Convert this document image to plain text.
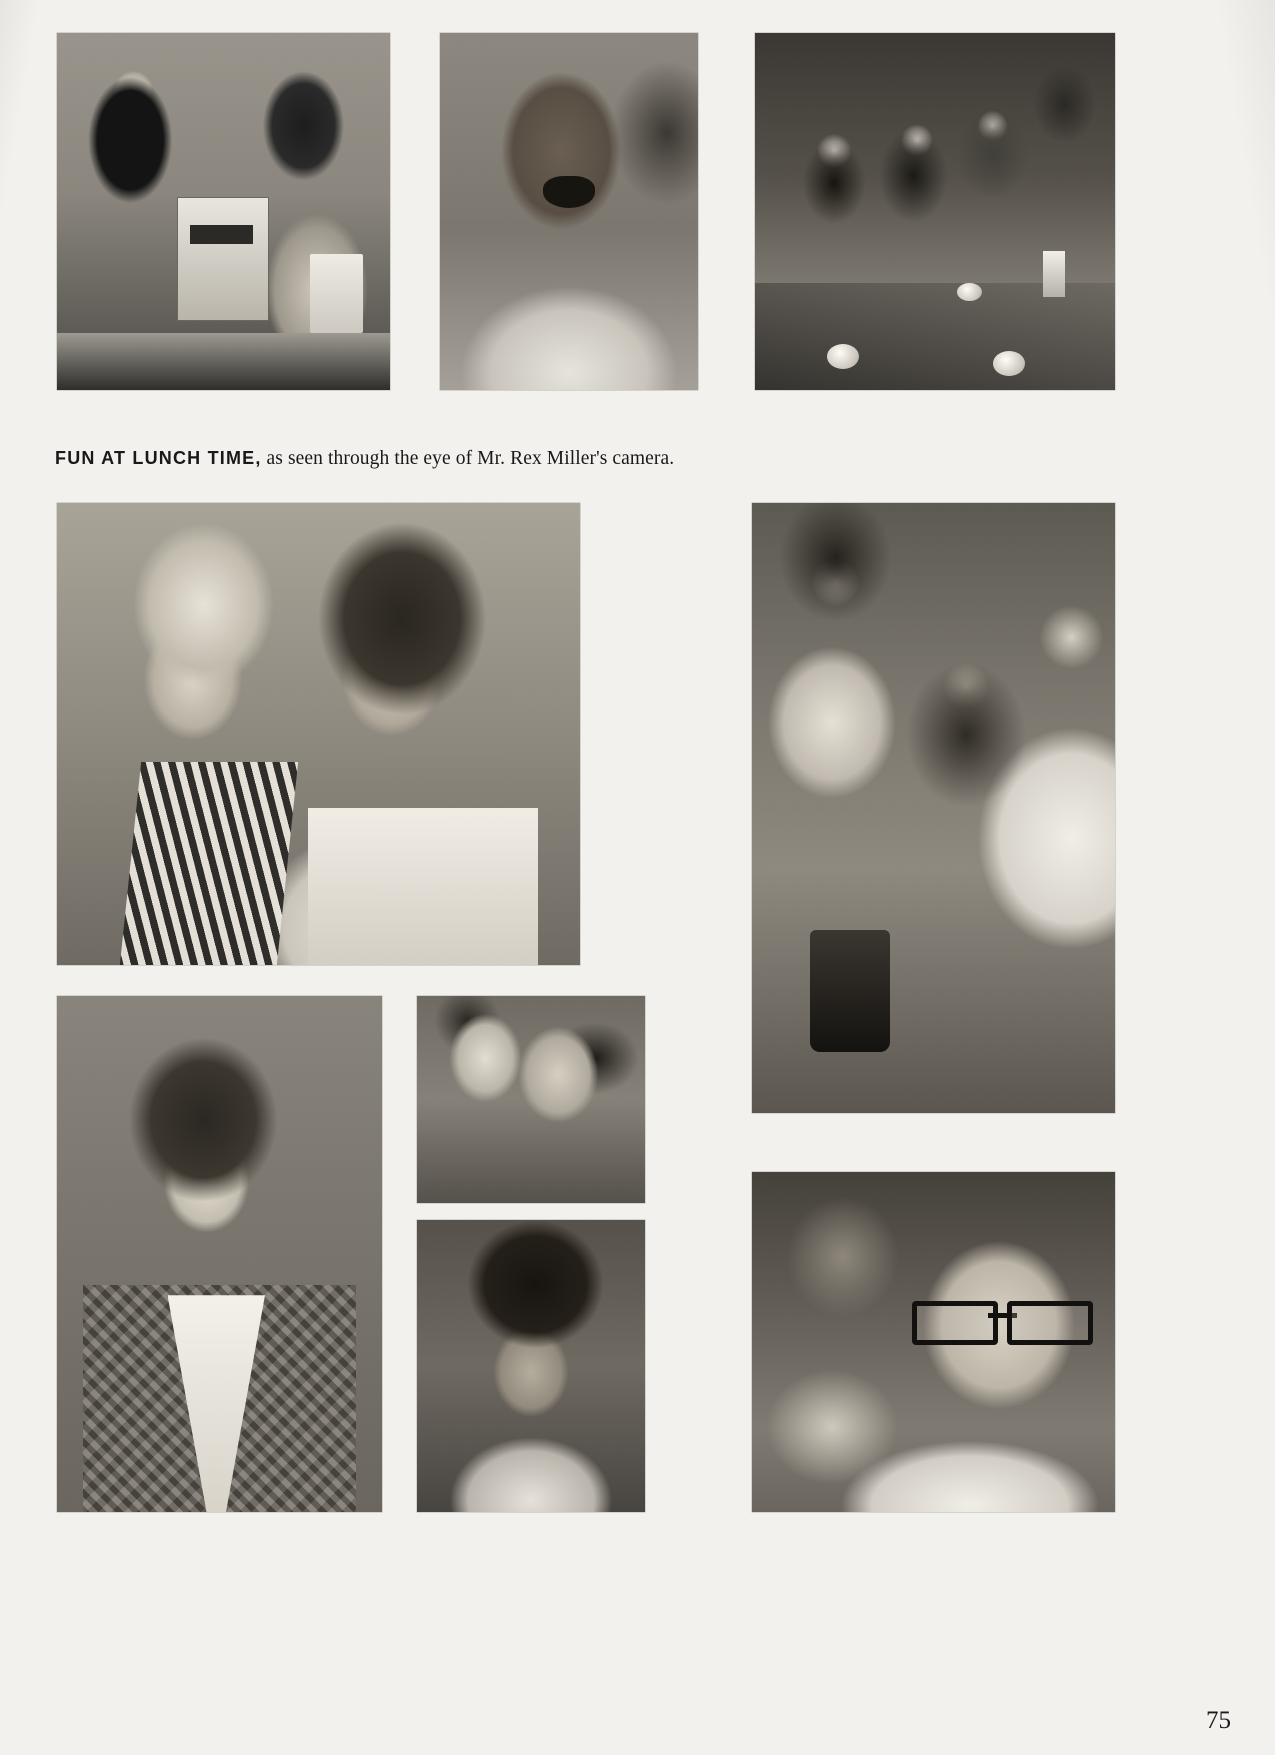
FUN AT LUNCH TIME, as seen through the eye of Mr. Rex Miller's camera.

75
